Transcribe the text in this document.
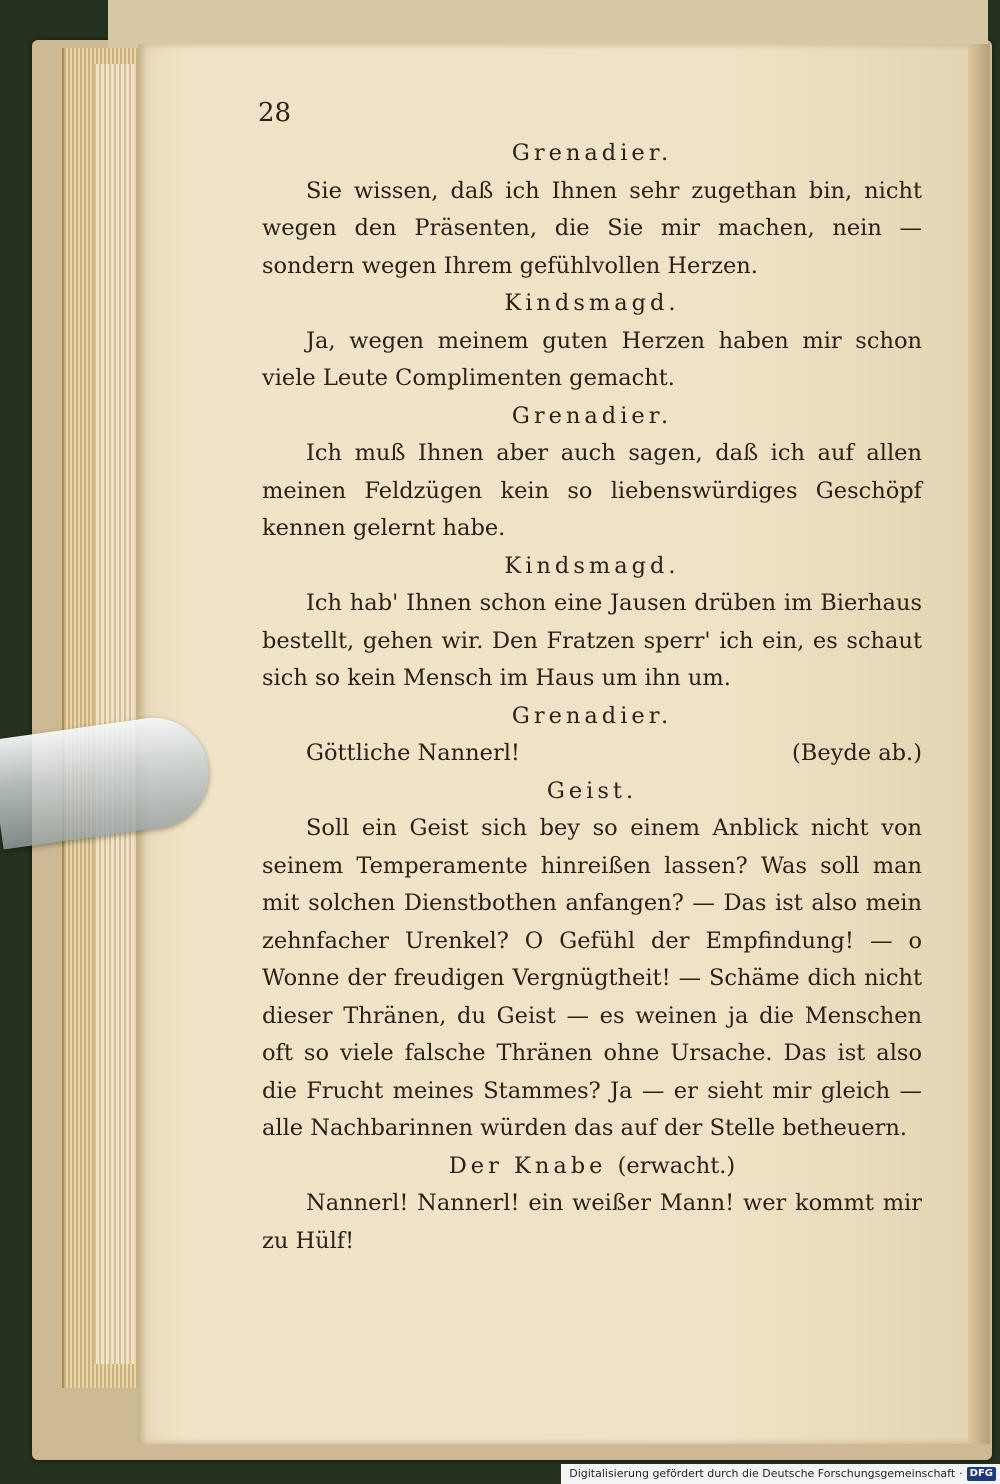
28
Grenadier.

Sie wissen, daß ich Ihnen sehr zugethan bin, nicht wegen den Präsenten, die Sie mir machen, nein — sondern wegen Ihrem gefühlvollen Herzen.

Kindsmagd.

Ja, wegen meinem guten Herzen haben mir schon viele Leute Complimenten gemacht.

Grenadier.

Ich muß Ihnen aber auch sagen, daß ich auf allen meinen Feldzügen kein so liebenswürdiges Geschöpf kennen gelernt habe.

Kindsmagd.

Ich hab' Ihnen schon eine Jausen drüben im Bierhaus bestellt, gehen wir. Den Fratzen sperr' ich ein, es schaut sich so kein Mensch im Haus um ihn um.

Grenadier.
Göttliche Nannerl!	(Beyde ab.)
Geist.

Soll ein Geist sich bey so einem Anblick nicht von seinem Temperamente hinreißen lassen? Was soll man mit solchen Dienstbothen anfangen? — Das ist also mein zehnfacher Urenkel? O Gefühl der Empfindung! — o Wonne der freudigen Vergnügtheit! — Schäme dich nicht dieser Thränen, du Geist — es weinen ja die Menschen oft so viele falsche Thränen ohne Ursache. Das ist also die Frucht meines Stammes? Ja — er sieht mir gleich — alle Nachbarinnen würden das auf der Stelle betheuern.

Der Knabe (erwacht.)

Nannerl! Nannerl! ein weißer Mann! wer kommt mir zu Hülf!

Digitalisierung gefördert durch die Deutsche Forschungsgemeinschaft · DFG
